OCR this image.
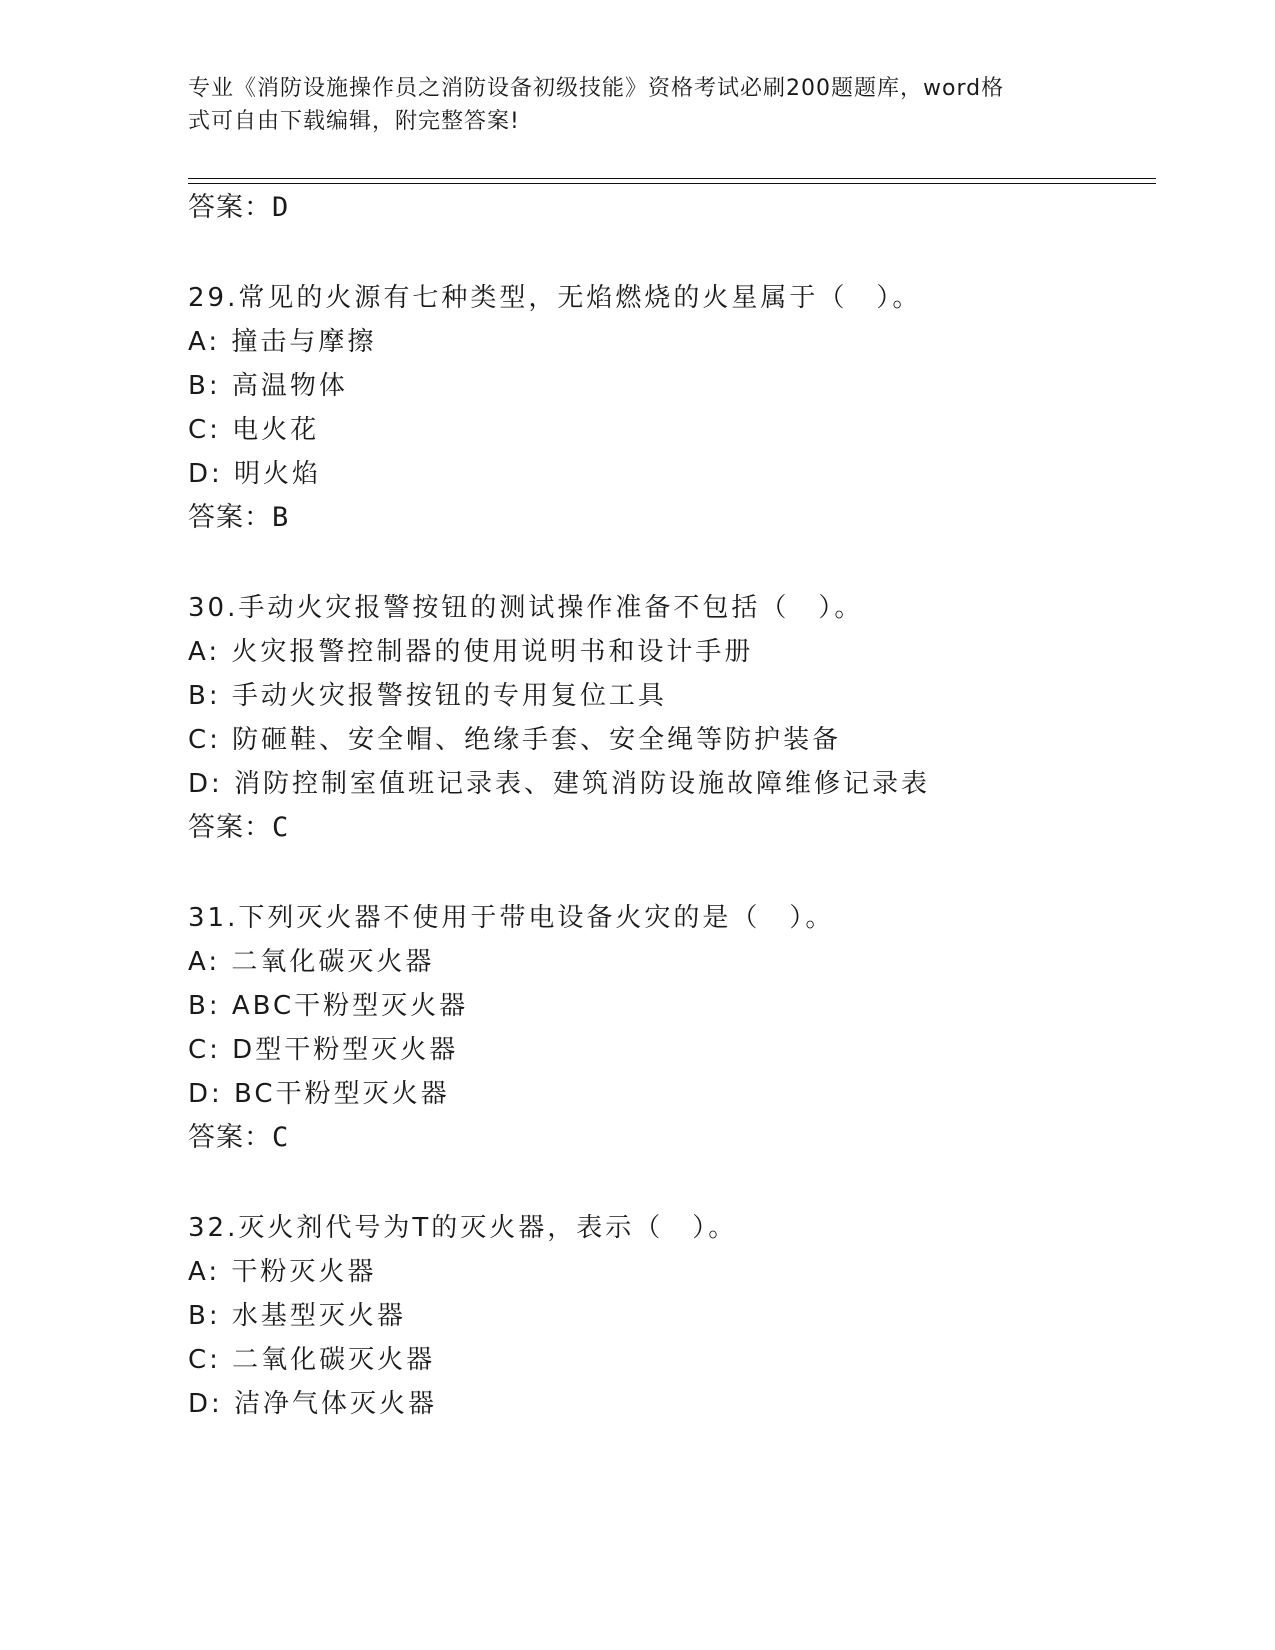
专业《消防设施操作员之消防设备初级技能》资格考试必刷200题题库，word格
式可自由下载编辑，附完整答案!
答案：D
29.常见的火源有七种类型，无焰燃烧的火星属于（　）。
A: 撞击与摩擦
B: 高温物体
C: 电火花
D: 明火焰
答案：B
30.手动火灾报警按钮的测试操作准备不包括（　）。
A: 火灾报警控制器的使用说明书和设计手册
B: 手动火灾报警按钮的专用复位工具
C: 防砸鞋、安全帽、绝缘手套、安全绳等防护装备
D: 消防控制室值班记录表、建筑消防设施故障维修记录表
答案：C
31.下列灭火器不使用于带电设备火灾的是（　）。
A: 二氧化碳灭火器
B: ABC干粉型灭火器
C: D型干粉型灭火器
D: BC干粉型灭火器
答案：C
32.灭火剂代号为T的灭火器，表示（　）。
A: 干粉灭火器
B: 水基型灭火器
C: 二氧化碳灭火器
D: 洁净气体灭火器
